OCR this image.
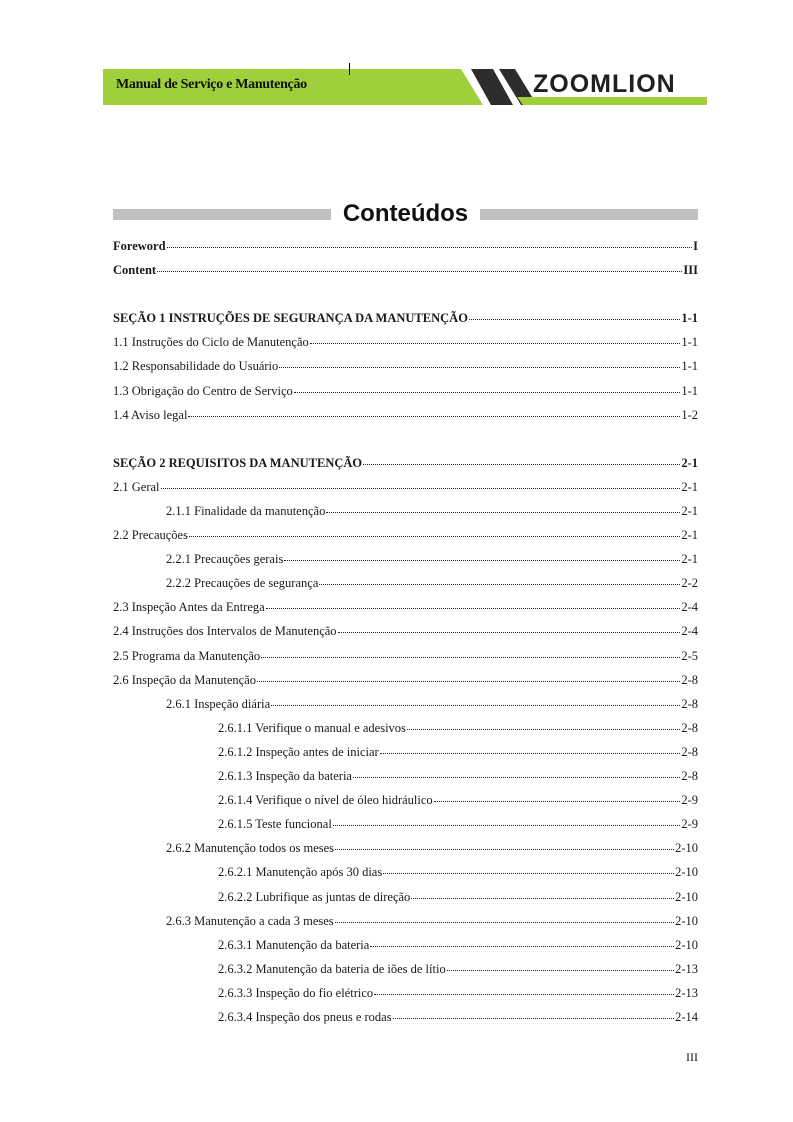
Manual de Serviço e Manutenção	ZOOMLION
Conteúdos
Foreword	I
Content	III
SEÇÃO 1 INSTRUÇÕES DE SEGURANÇA DA MANUTENÇÃO	1-1
1.1 Instruções do Ciclo de Manutenção	1-1
1.2 Responsabilidade do Usuário	1-1
1.3 Obrigação do Centro de Serviço	1-1
1.4 Aviso legal	1-2
SEÇÃO 2 REQUISITOS DA MANUTENÇÃO	2-1
2.1 Geral	2-1
2.1.1 Finalidade da manutenção	2-1
2.2 Precauções	2-1
2.2.1 Precauções gerais	2-1
2.2.2 Precauções de segurança	2-2
2.3 Inspeção Antes da Entrega	2-4
2.4 Instruções dos Intervalos de Manutenção	2-4
2.5 Programa da Manutenção	2-5
2.6 Inspeção da Manutenção	2-8
2.6.1 Inspeção diária	2-8
2.6.1.1 Verifique o manual e adesivos	2-8
2.6.1.2 Inspeção antes de iniciar	2-8
2.6.1.3 Inspeção da bateria	2-8
2.6.1.4 Verifique o nível de óleo hidráulico	2-9
2.6.1.5 Teste funcional	2-9
2.6.2 Manutenção todos os meses	2-10
2.6.2.1 Manutenção após 30 dias	2-10
2.6.2.2 Lubrifique as juntas de direção	2-10
2.6.3 Manutenção a cada 3 meses	2-10
2.6.3.1 Manutenção da bateria	2-10
2.6.3.2 Manutenção da bateria de iões de lítio	2-13
2.6.3.3 Inspeção do fio elétrico	2-13
2.6.3.4 Inspeção dos pneus e rodas	2-14
III
